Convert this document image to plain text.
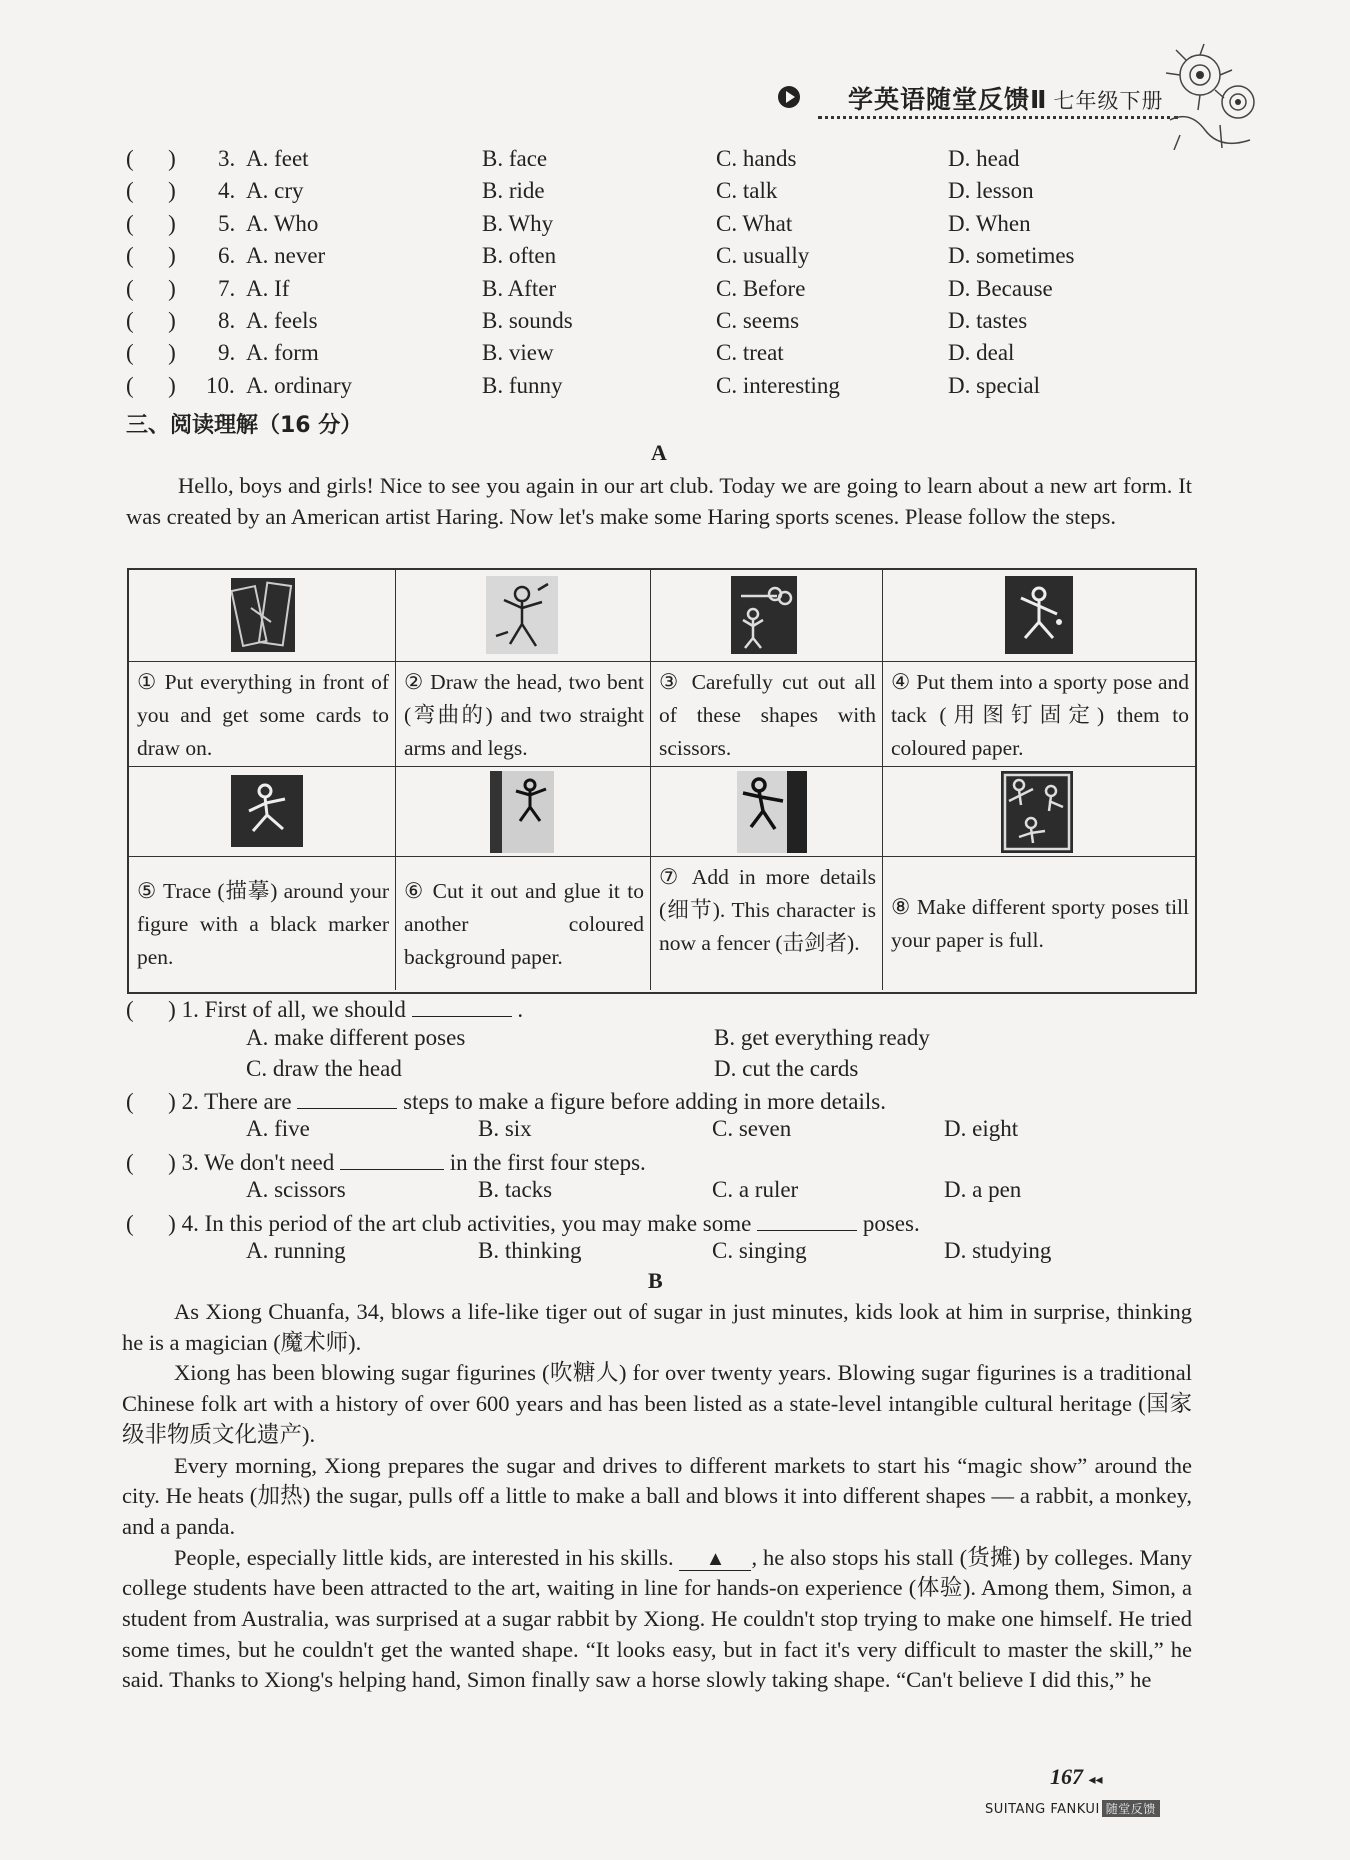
学英语随堂反馈Ⅱ 七年级下册
(      ) 3. A. feet	B. face	C. hands	D. head
(      ) 4. A. cry	B. ride	C. talk	D. lesson
(      ) 5. A. Who	B. Why	C. What	D. When
(      ) 6. A. never	B. often	C. usually	D. sometimes
(      ) 7. A. If	B. After	C. Before	D. Because
(      ) 8. A. feels	B. sounds	C. seems	D. tastes
(      ) 9. A. form	B. view	C. treat	D. deal
(      ) 10. A. ordinary	B. funny	C. interesting	D. special
三、阅读理解（16 分）
A
Hello, boys and girls! Nice to see you again in our art club. Today we are going to learn about a new art form. It was created by an American artist Haring. Now let's make some Haring sports scenes. Please follow the steps.
① Put everything in front of you and get some cards to draw on.
② Draw the head, two bent (弯曲的) and two straight arms and legs.
③ Carefully cut out all of these shapes with scissors.
④ Put them into a sporty pose and tack (用图钉固定) them to coloured paper.
⑤ Trace (描摹) around your figure with a black marker pen.
⑥ Cut it out and glue it to another coloured background paper.
⑦ Add in more details (细节). This character is now a fencer (击剑者).
⑧ Make different sporty poses till your paper is full.
(      ) 1. First of all, we should	.
A. make different poses	B. get everything ready
C. draw the head	D. cut the cards
(      ) 2. There are	steps to make a figure before adding in more details.
A. five	B. six	C. seven	D. eight
(      ) 3. We don't need	in the first four steps.
A. scissors	B. tacks	C. a ruler	D. a pen
(      ) 4. In this period of the art club activities, you may make some	poses.
A. running	B. thinking	C. singing	D. studying
B
As Xiong Chuanfa, 34, blows a life-like tiger out of sugar in just minutes, kids look at him in surprise, thinking he is a magician (魔术师).
Xiong has been blowing sugar figurines (吹糖人) for over twenty years. Blowing sugar figurines is a traditional Chinese folk art with a history of over 600 years and has been listed as a state-level intangible cultural heritage (国家级非物质文化遗产).
Every morning, Xiong prepares the sugar and drives to different markets to start his “magic show” around the city. He heats (加热) the sugar, pulls off a little to make a ball and blows it into different shapes — a rabbit, a monkey, and a panda.
People, especially little kids, are interested in his skills. ▲ , he also stops his stall (货摊) by colleges. Many college students have been attracted to the art, waiting in line for hands-on experience (体验). Among them, Simon, a student from Australia, was surprised at a sugar rabbit by Xiong. He couldn't stop trying to make one himself. He tried some times, but he couldn't get the wanted shape. “It looks easy, but in fact it's very difficult to master the skill,” he said. Thanks to Xiong's helping hand, Simon finally saw a horse slowly taking shape. “Can't believe I did this,” he
167 ◂◂
SUITANG FANKUI 随堂反馈
